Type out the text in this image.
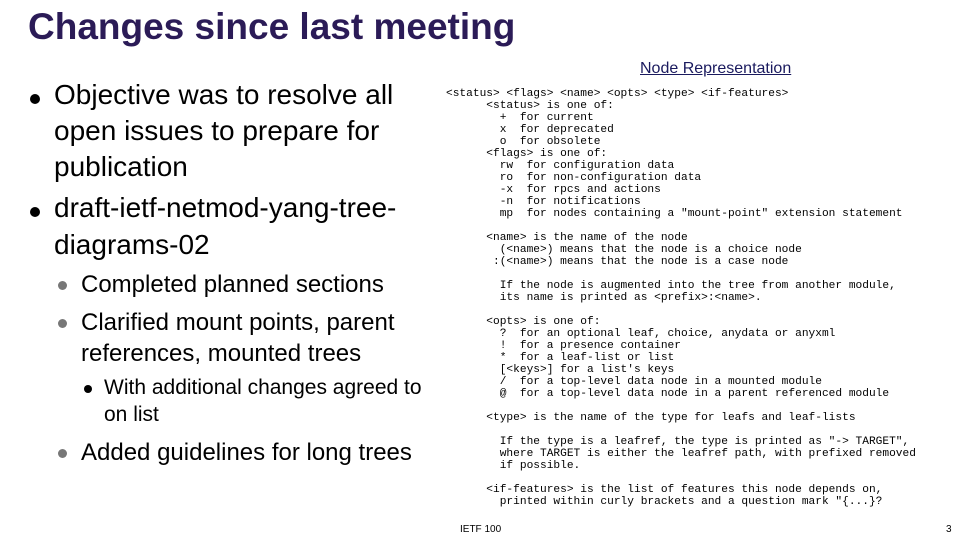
Changes since last meeting
Objective was to resolve all
open issues to prepare for
publication
draft-ietf-netmod-yang-tree-
diagrams-02
Completed planned sections
Clarified mount points, parent
references, mounted trees
With additional changes agreed to
on list
Added guidelines for long trees
Node Representation
<status> <flags> <name> <opts> <type> <if-features>
<status> is one of:
+  for current
x  for deprecated
o  for obsolete
<flags> is one of:
rw  for configuration data
ro  for non-configuration data
-x  for rpcs and actions
-n  for notifications
mp  for nodes containing a "mount-point" extension statement

<name> is the name of the node
(<name>) means that the node is a choice node
:(<name>) means that the node is a case node

If the node is augmented into the tree from another module,
its name is printed as <prefix>:<name>.

<opts> is one of:
?  for an optional leaf, choice, anydata or anyxml
!  for a presence container
*  for a leaf-list or list
[<keys>] for a list's keys
/  for a top-level data node in a mounted module
@  for a top-level data node in a parent referenced module

<type> is the name of the type for leafs and leaf-lists

If the type is a leafref, the type is printed as "-> TARGET",
where TARGET is either the leafref path, with prefixed removed
if possible.

<if-features> is the list of features this node depends on,
printed within curly brackets and a question mark "{...}?
IETF 100	3
